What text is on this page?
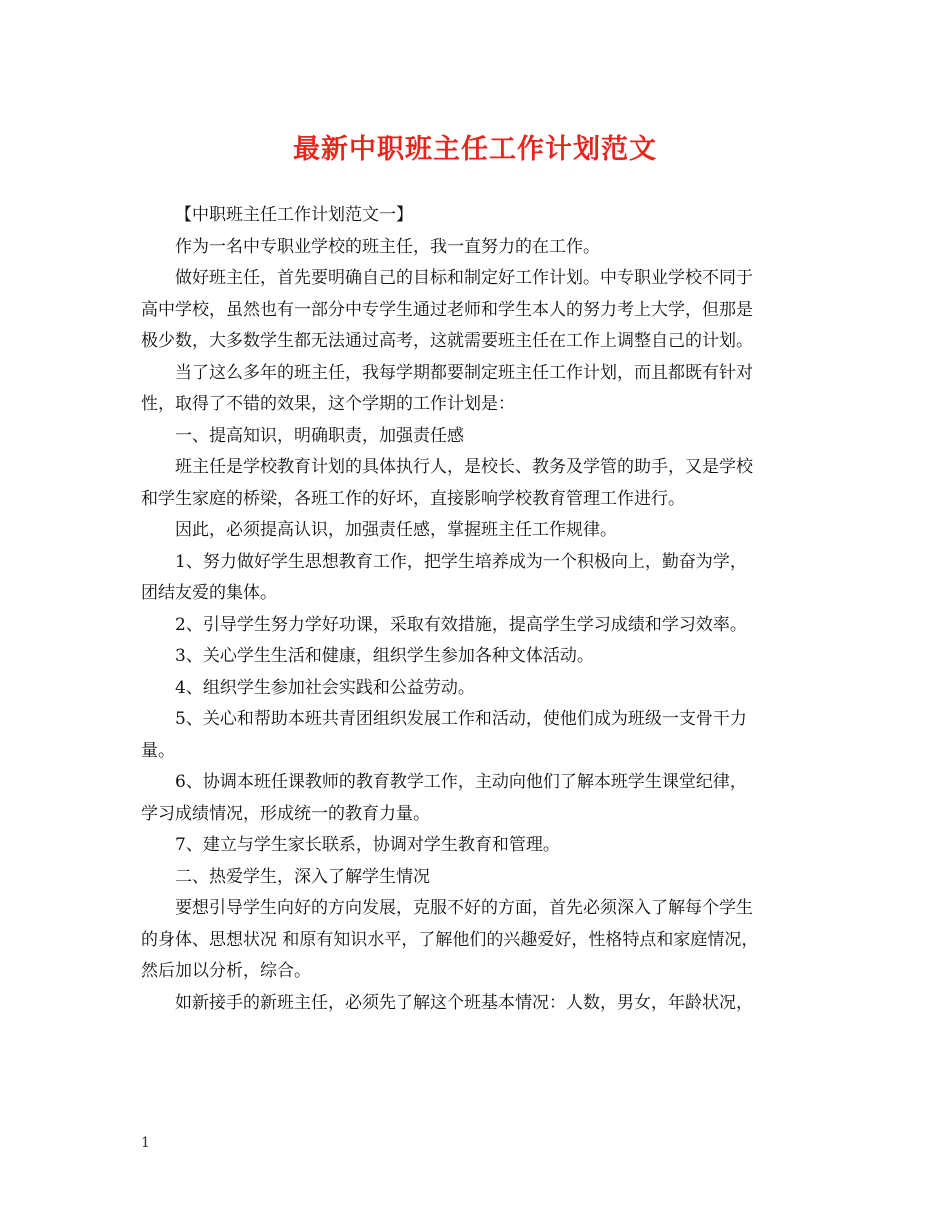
最新中职班主任工作计划范文

【中职班主任工作计划范文一】

作为一名中专职业学校的班主任，我一直努力的在工作。

做好班主任，首先要明确自己的目标和制定好工作计划。中专职业学校不同于
高中学校，虽然也有一部分中专学生通过老师和学生本人的努力考上大学，但那是
极少数，大多数学生都无法通过高考，这就需要班主任在工作上调整自己的计划。

当了这么多年的班主任，我每学期都要制定班主任工作计划，而且都既有针对
性，取得了不错的效果，这个学期的工作计划是：

一、提高知识，明确职责，加强责任感

班主任是学校教育计划的具体执行人，是校长、教务及学管的助手，又是学校
和学生家庭的桥梁，各班工作的好坏，直接影响学校教育管理工作进行。

因此，必须提高认识，加强责任感，掌握班主任工作规律。

1、努力做好学生思想教育工作，把学生培养成为一个积极向上，勤奋为学，
团结友爱的集体。

2、引导学生努力学好功课，采取有效措施，提高学生学习成绩和学习效率。

3、关心学生生活和健康，组织学生参加各种文体活动。

4、组织学生参加社会实践和公益劳动。

5、关心和帮助本班共青团组织发展工作和活动，使他们成为班级一支骨干力
量。

6、协调本班任课教师的教育教学工作，主动向他们了解本班学生课堂纪律，
学习成绩情况，形成统一的教育力量。

7、建立与学生家长联系，协调对学生教育和管理。

二、热爱学生，深入了解学生情况

要想引导学生向好的方向发展，克服不好的方面，首先必须深入了解每个学生
的身体、思想状况 和原有知识水平，了解他们的兴趣爱好，性格特点和家庭情况，
然后加以分析，综合。

如新接手的新班主任，必须先了解这个班基本情况：人数，男女，年龄状况，

1
